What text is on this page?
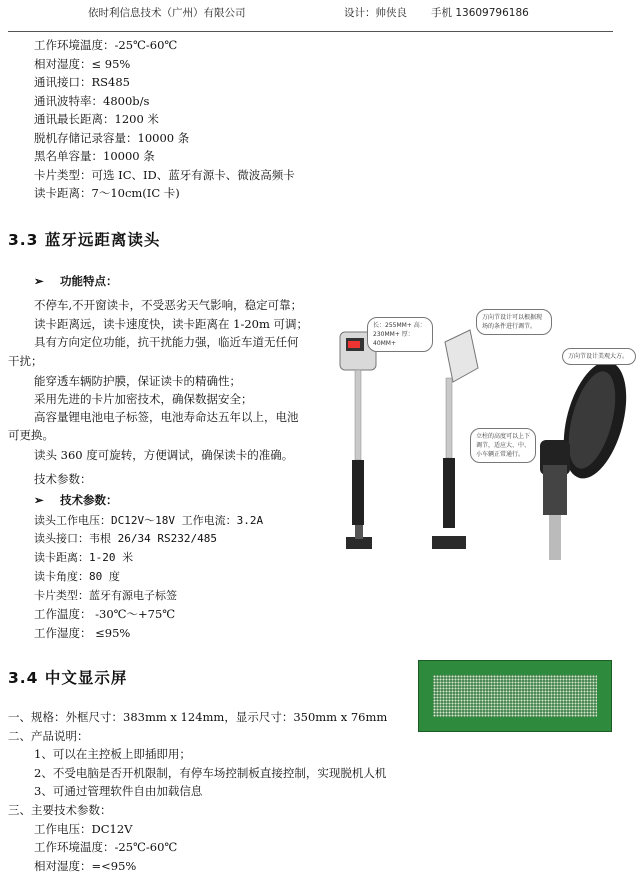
依时利信息技术（广州）有限公司	设计：帅侠良 手机 13609796186
工作环境温度：-25℃-60℃
相对湿度：≤ 95%
通讯接口：RS485
通讯波特率：4800b/s
通讯最长距离：1200 米
脱机存储记录容量：10000 条
黑名单容量：10000 条
卡片类型：可选 IC、ID、蓝牙有源卡、微波高频卡
读卡距离：7～10cm(IC 卡)
3.3 蓝牙远距离读头
➢ 功能特点：
不停车,不开窗读卡，不受恶劣天气影响，稳定可靠；
读卡距离远，读卡速度快，读卡距离在 1-20m 可调；
具有方向定位功能，抗干扰能力强，临近车道无任何
干扰；
能穿透车辆防护膜，保证读卡的精确性；
采用先进的卡片加密技术，确保数据安全；
高容量锂电池电子标签，电池寿命达五年以上，电池
可更换。
读头 360 度可旋转，方便调试，确保读卡的准确。
技术参数：
➢ 技术参数：
读头工作电压：DC12V～18V 工作电流：3.2A
读头接口：韦根 26/34 RS232/485
读卡距离：1-20 米
读卡角度：80 度
卡片类型：蓝牙有源电子标签
工作温度： -30℃～+75℃
工作湿度： ≤95%
长：255MM+ 高：230MM+ 厚：40MM+
万向节设计可以根据现场的条件进行调节。
万向节设计美观大方。
立柱的高度可以上下调节，适应大、中、小车辆正常通行。
3.4 中文显示屏
一、规格：外框尺寸：383mm x 124mm，显示尺寸：350mm x 76mm
二、产品说明：
1、可以在主控板上即插即用；
2、不受电脑是否开机限制，有停车场控制板直接控制，实现脱机人机
3、可通过管理软件自由加载信息
三、主要技术参数：
工作电压：DC12V
工作环境温度：-25℃-60℃
相对湿度：=<95%
